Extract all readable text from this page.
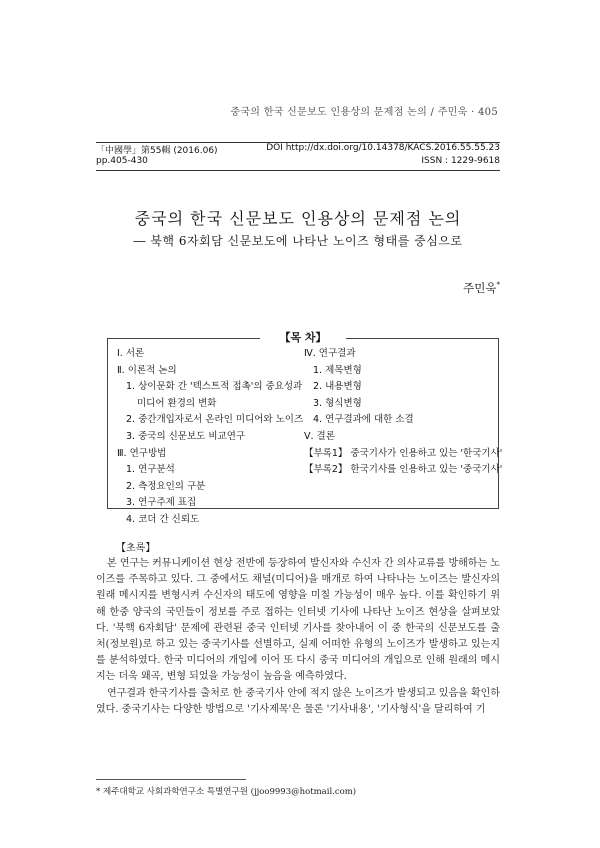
중국의 한국 신문보도 인용상의 문제점 논의 / 주민욱 · 405
「中國學」第55輯 (2016.06)
pp.405-430
DOI http://dx.doi.org/10.14378/KACS.2016.55.55.23
ISSN : 1229-9618
중국의 한국 신문보도 인용상의 문제점 논의
― 북핵 6자회담 신문보도에 나타난 노이즈 형태를 중심으로
주민욱*
【목 차】
Ⅰ. 서론
Ⅱ. 이론적 논의
1. 상이문화 간 '텍스트적 접촉'의 중요성과
미디어 환경의 변화
2. 중간개입자로서 온라인 미디어와 노이즈
3. 중국의 신문보도 비교연구
Ⅲ. 연구방법
1. 연구분석
2. 측정요인의 구분
3. 연구주제 표집
4. 코더 간 신뢰도
Ⅳ. 연구결과
1. 제목변형
2. 내용변형
3. 형식변형
4. 연구결과에 대한 소결
Ⅴ. 결론
【부록1】 중국기사가 인용하고 있는 '한국기사'
【부록2】 한국기사를 인용하고 있는 '중국기사'
【초록】

본 연구는 커뮤니케이션 현상 전반에 등장하여 발신자와 수신자 간 의사교류를 방해하는 노이즈를 주목하고 있다. 그 중에서도 채널(미디어)을 매개로 하여 나타나는 노이즈는 발신자의 원래 메시지를 변형시켜 수신자의 태도에 영향을 미칠 가능성이 매우 높다. 이를 확인하기 위해 한중 양국의 국민들이 정보를 주로 접하는 인터넷 기사에 나타난 노이즈 현상을 살펴보았다. '북핵 6자회담' 문제에 관련된 중국 인터넷 기사를 찾아내어 이 중 한국의 신문보도를 출처(정보원)로 하고 있는 중국기사를 선별하고, 실제 어떠한 유형의 노이즈가 발생하고 있는지를 분석하였다. 한국 미디어의 개입에 이어 또 다시 중국 미디어의 개입으로 인해 원래의 메시지는 더욱 왜곡, 변형 되었을 가능성이 높음을 예측하였다.

연구결과 한국기사를 출처로 한 중국기사 안에 적지 않은 노이즈가 발생되고 있음을 확인하였다. 중국기사는 다양한 방법으로 '기사제목'은 물론 '기사내용', '기사형식'을 달리하여 기

* 제주대학교 사회과학연구소 특별연구원 (jjoo9993@hotmail.com)
